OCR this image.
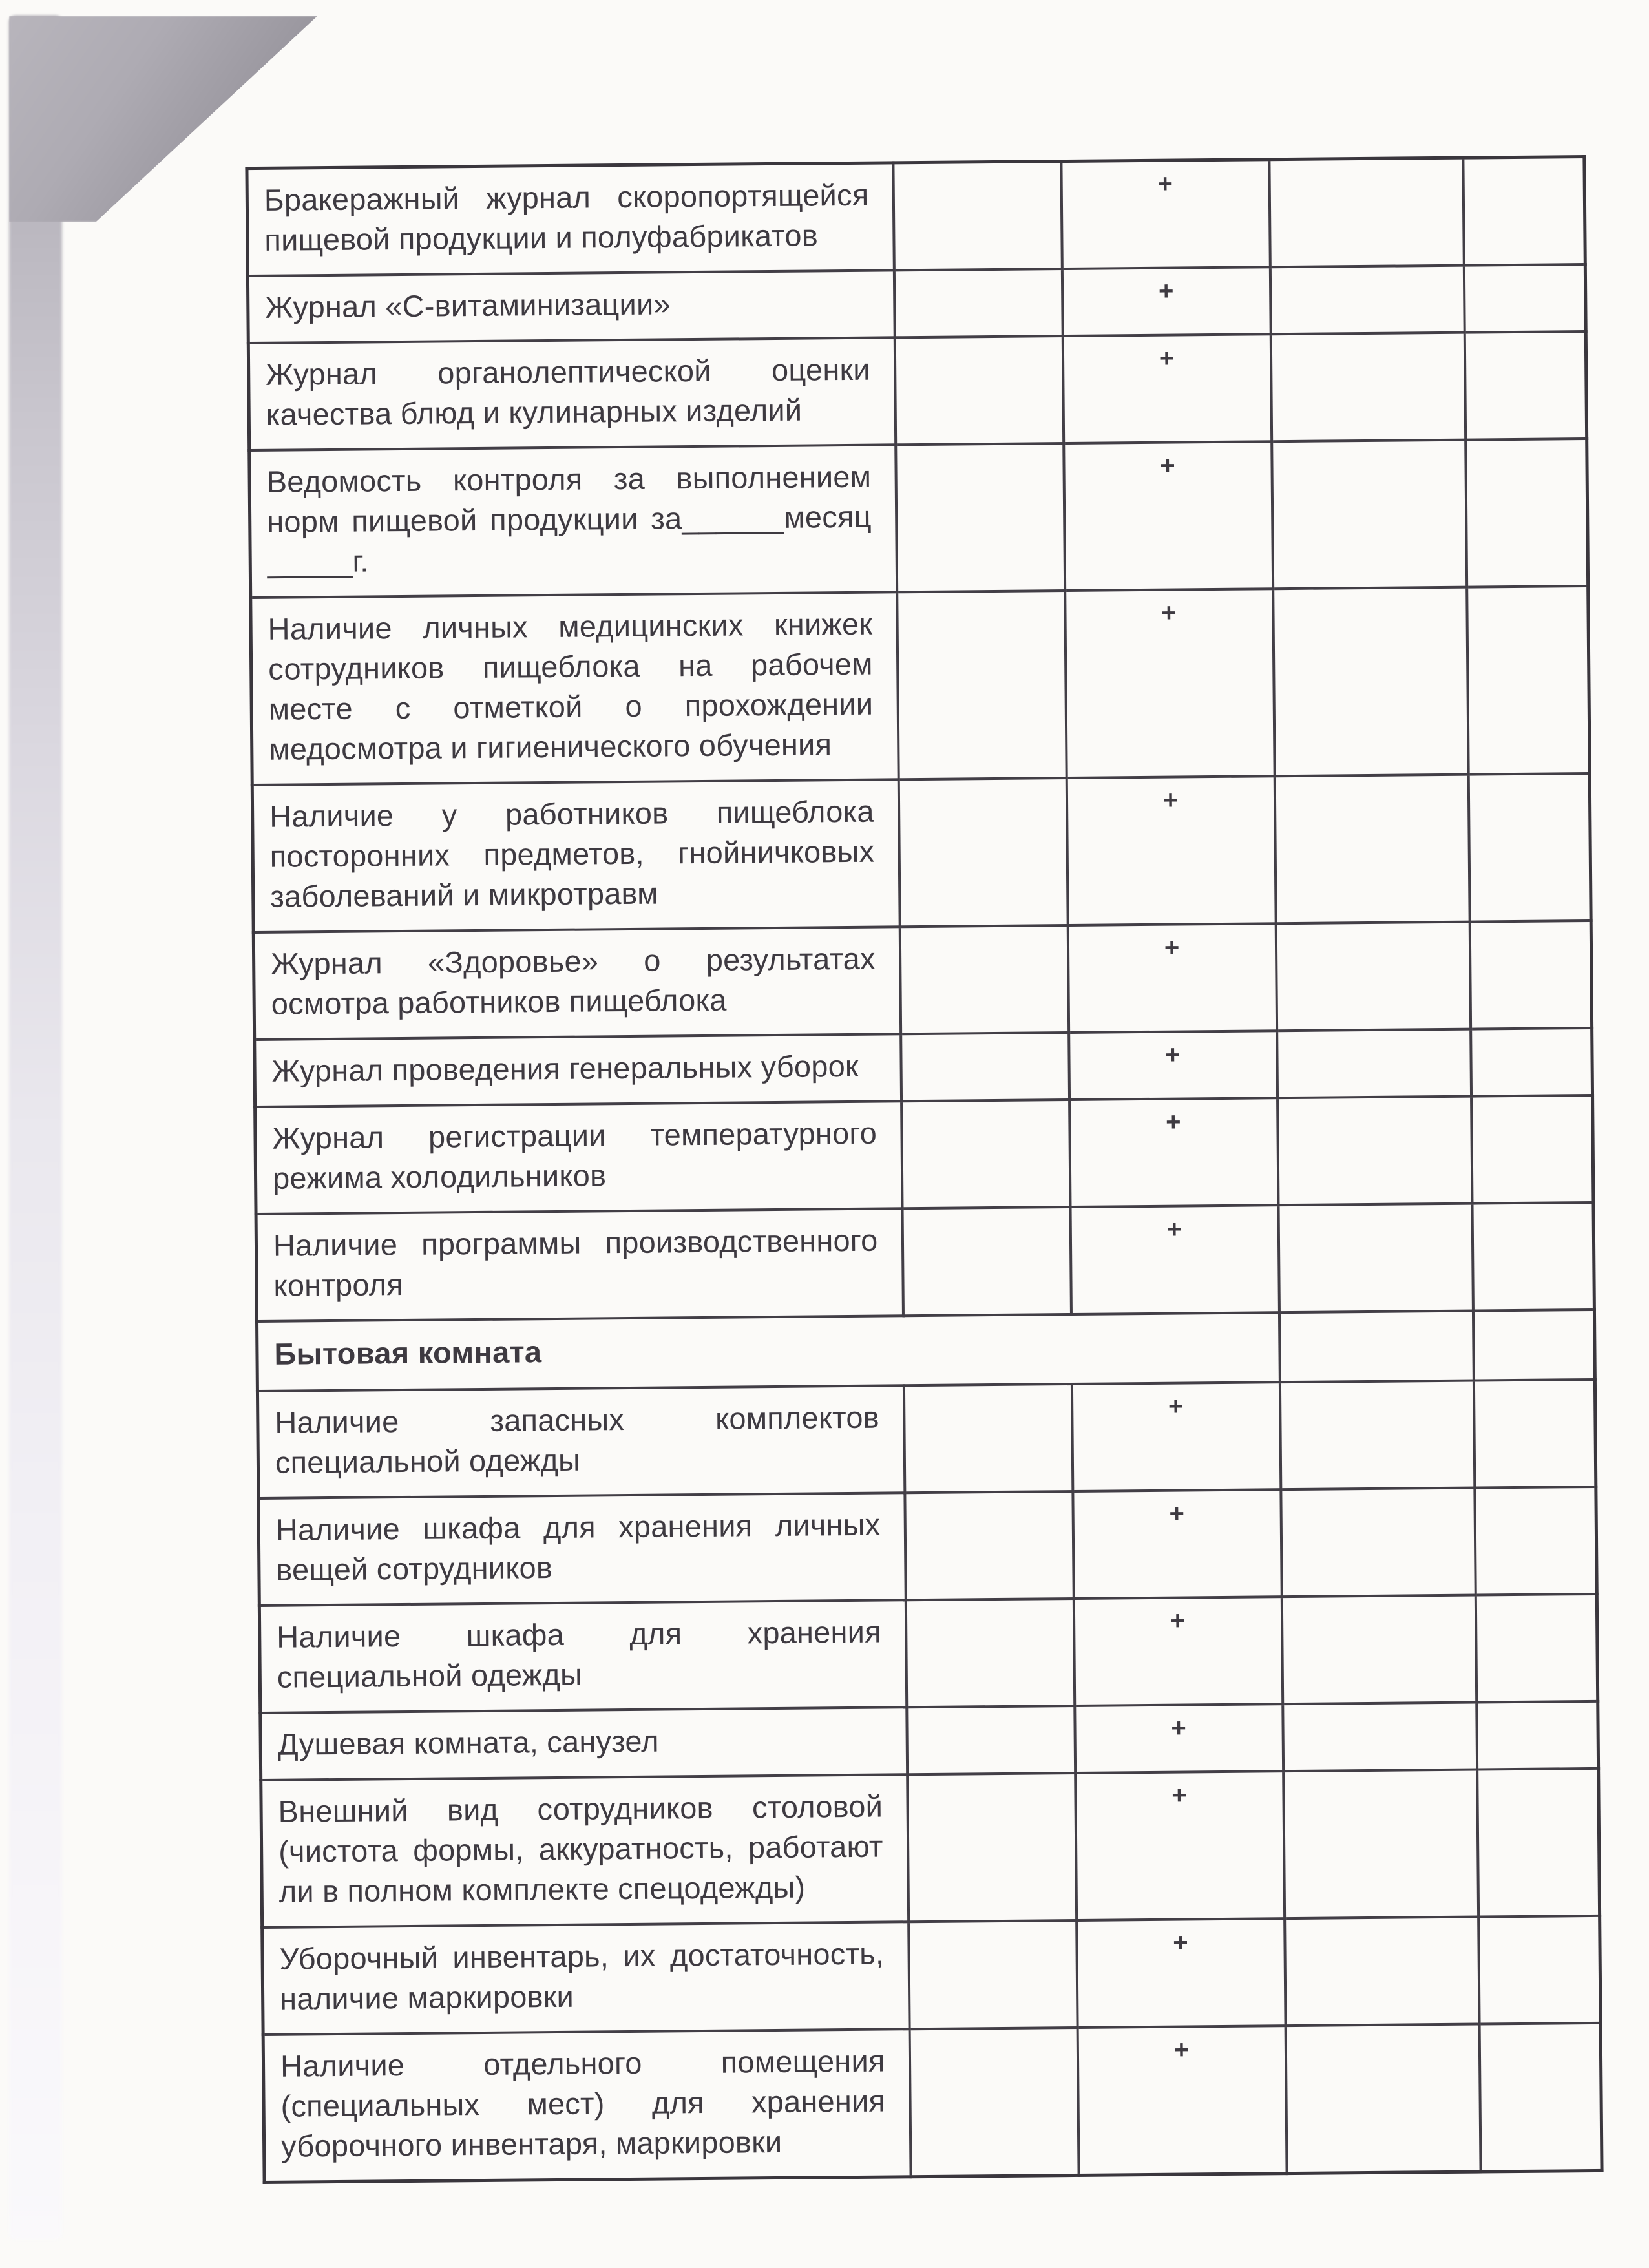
Бракеражный журнал скоропортящейся пищевой продукции и полуфабрикатов		+		
Журнал «С-витаминизации»		+		
Журнал органолептической оценки качества блюд и кулинарных изделий		+		
Ведомость контроля за выполнением норм пищевой продукции за______месяц _____г.		+		
Наличие личных медицинских книжек сотрудников пищеблока на рабочем месте с отметкой о прохождении медосмотра и гигиенического обучения		+		
Наличие у работников пищеблока посторонних предметов, гнойничковых заболеваний и микротравм		+		
Журнал «Здоровье» о результатах осмотра работников пищеблока		+		
Журнал проведения генеральных уборок		+		
Журнал регистрации температурного режима холодильников		+		
Наличие программы производственного контроля		+		
Бытовая комната				
Наличие запасных комплектов специальной одежды		+		
Наличие шкафа для хранения личных вещей сотрудников		+		
Наличие шкафа для хранения специальной одежды		+		
Душевая комната, санузел		+		
Внешний вид сотрудников столовой (чистота формы, аккуратность, работают ли в полном комплекте спецодежды)		+		
Уборочный инвентарь, их достаточность, наличие маркировки		+		
Наличие отдельного помещения (специальных мест) для хранения уборочного инвентаря, маркировки		+		
